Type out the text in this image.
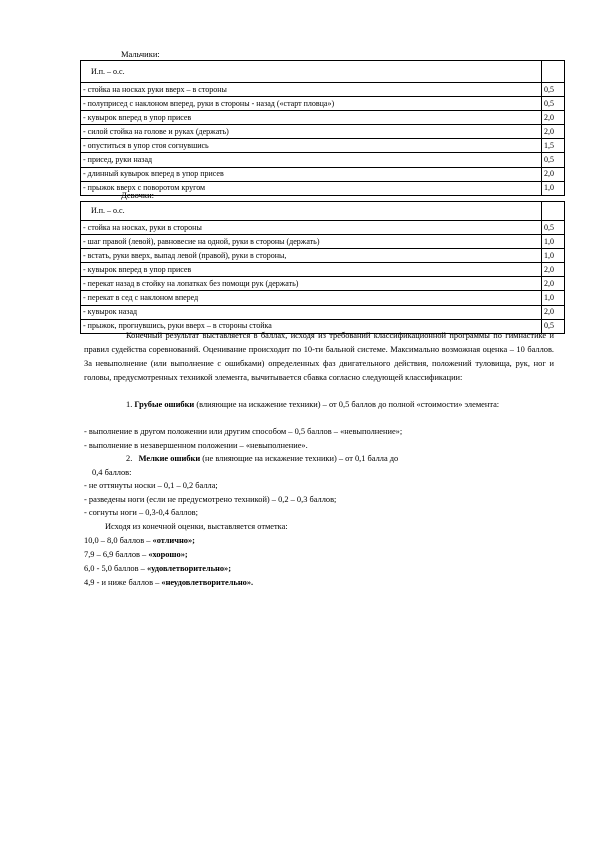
Мальчики:
И.п. – о.с.	
- стойка на носках руки вверх – в стороны	0,5
- полуприсед с наклоном вперед, руки в стороны - назад («старт пловца»)	0,5
- кувырок вперед в упор присев	2,0
- силой стойка на голове и руках (держать)	2,0
- опуститься в упор стоя согнувшись	1,5
- присед, руки назад	0,5
- длинный кувырок вперед в упор присев	2,0
- прыжок вверх с поворотом кругом	1,0
Девочки:
И.п. – о.с.	
- стойка на носках, руки в стороны	0,5
- шаг правой (левой), равновесие на одной, руки в стороны (держать)	1,0
- встать, руки вверх, выпад левой (правой), руки в стороны,	1,0
- кувырок вперед в упор присев	2,0
- перекат назад в стойку на лопатках без помощи рук (держать)	2,0
- перекат в сед с наклоном вперед	1,0
- кувырок назад	2,0
- прыжок, прогнувшись, руки вверх – в стороны стойка	0,5
Конечный результат выставляется в баллах, исходя из требований классификационной программы по гимнастике и правил судейства соревнований. Оценивание происходит по 10-ти бальной системе. Максимально возможная оценка – 10 баллов. За невыполнение (или выполнение с ошибками) определенных фаз двигательного действия, положений туловища, рук, ног и головы, предусмотренных техникой элемента, вычитывается сбавка согласно следующей классификации:
1. Грубые ошибки (влияющие на искажение техники) – от 0,5 баллов до полной «стоимости» элемента:
- выполнение в другом положении или другим способом – 0,5 баллов – «невыполнение»;
- выполнение в незавершенном положении – «невыполнение».
2. Мелкие ошибки (не влияющие на искажение техники) – от 0,1 балла до
0,4 баллов:
- не оттянуты носки – 0,1 – 0,2 балла;
- разведены ноги (если не предусмотрено техникой) – 0,2 – 0,3 баллов;
- согнуты ноги – 0,3-0,4 баллов;
Исходя из конечной оценки, выставляется отметка:
10,0 – 8,0 баллов – «отлично»;
7,9 – 6,9 баллов – «хорошо»;
6,0 - 5,0 баллов – «удовлетворительно»;
4,9 - и ниже баллов – «неудовлетворительно».
